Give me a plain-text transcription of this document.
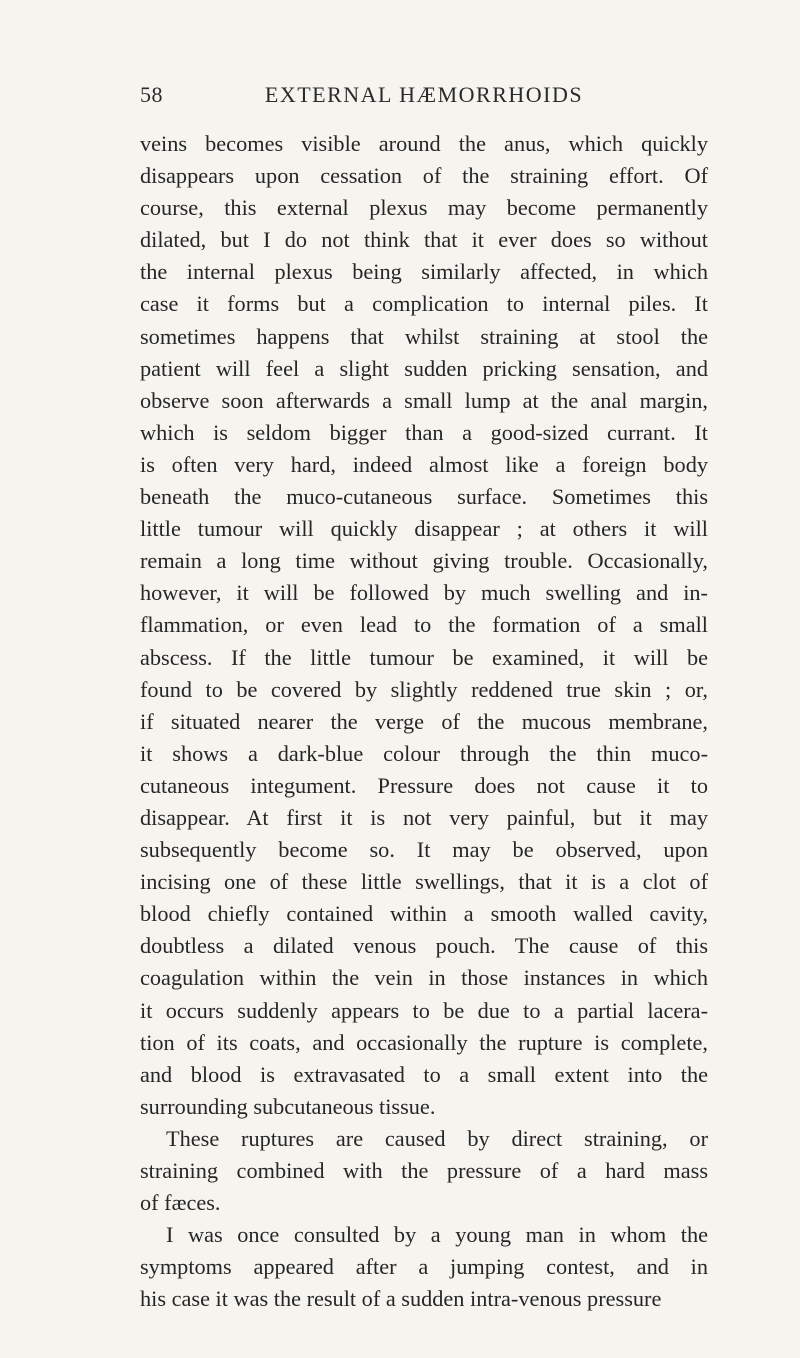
58	EXTERNAL HÆMORRHOIDS

veins becomes visible around the anus, which quickly
disappears upon cessation of the straining effort. Of
course, this external plexus may become permanently
dilated, but I do not think that it ever does so without
the internal plexus being similarly affected, in which
case it forms but a complication to internal piles. It
sometimes happens that whilst straining at stool the
patient will feel a slight sudden pricking sensation, and
observe soon afterwards a small lump at the anal margin,
which is seldom bigger than a good-sized currant. It
is often very hard, indeed almost like a foreign body
beneath the muco-cutaneous surface. Sometimes this
little tumour will quickly disappear ; at others it will
remain a long time without giving trouble. Occasionally,
however, it will be followed by much swelling and in-
flammation, or even lead to the formation of a small
abscess. If the little tumour be examined, it will be
found to be covered by slightly reddened true skin ; or,
if situated nearer the verge of the mucous membrane,
it shows a dark-blue colour through the thin muco-
cutaneous integument. Pressure does not cause it to
disappear. At first it is not very painful, but it may
subsequently become so. It may be observed, upon
incising one of these little swellings, that it is a clot of
blood chiefly contained within a smooth walled cavity,
doubtless a dilated venous pouch. The cause of this
coagulation within the vein in those instances in which
it occurs suddenly appears to be due to a partial lacera-
tion of its coats, and occasionally the rupture is complete,
and blood is extravasated to a small extent into the
surrounding subcutaneous tissue.

These ruptures are caused by direct straining, or
straining combined with the pressure of a hard mass
of fæces.

I was once consulted by a young man in whom the
symptoms appeared after a jumping contest, and in
his case it was the result of a sudden intra-venous pressure
